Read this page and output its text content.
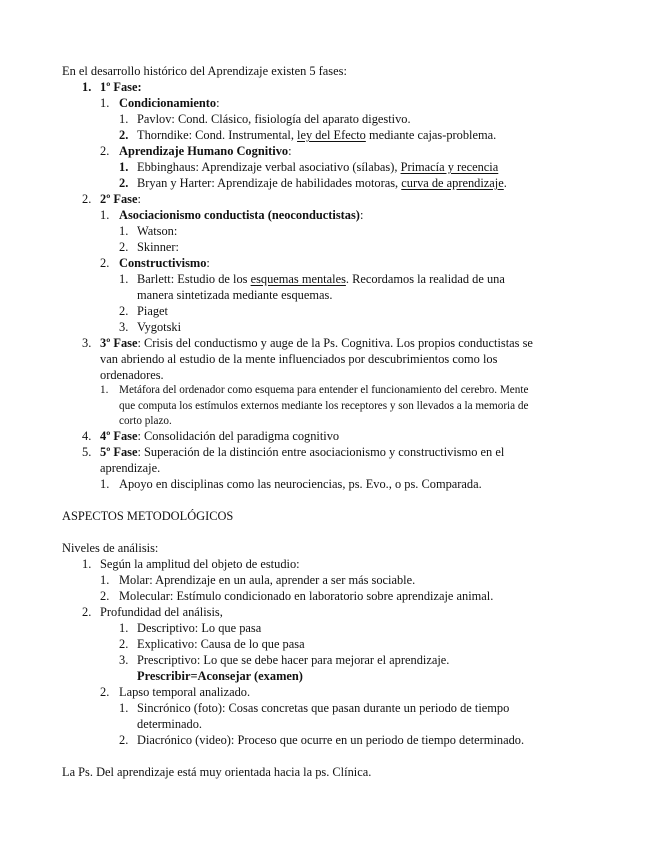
En el desarrollo histórico del Aprendizaje existen 5 fases:
1. 1º Fase:
1. Condicionamiento:
1. Pavlov: Cond. Clásico, fisiología del aparato digestivo.
2. Thorndike: Cond. Instrumental, ley del Efecto mediante cajas-problema.
2. Aprendizaje Humano Cognitivo:
1. Ebbinghaus: Aprendizaje verbal asociativo (sílabas), Primacía y recencia
2. Bryan y Harter: Aprendizaje de habilidades motoras, curva de aprendizaje.
2. 2º Fase:
1. Asociacionismo conductista (neoconductistas):
1. Watson:
2. Skinner:
2. Constructivismo:
1. Barlett: Estudio de los esquemas mentales. Recordamos la realidad de una
manera sintetizada mediante esquemas.
2. Piaget
3. Vygotski
3. 3º Fase: Crisis del conductismo y auge de la Ps. Cognitiva. Los propios conductistas se
van abriendo al estudio de la mente influenciados por descubrimientos como los
ordenadores.
1. Metáfora del ordenador como esquema para entender el funcionamiento del cerebro. Mente
que computa los estímulos externos mediante los receptores y son llevados a la memoria de
corto plazo.
4. 4º Fase: Consolidación del paradigma cognitivo
5. 5º Fase: Superación de la distinción entre asociacionismo y constructivismo en el
aprendizaje.
1. Apoyo en disciplinas como las neurociencias, ps. Evo., o ps. Comparada.
ASPECTOS METODOLÓGICOS
Niveles de análisis:
1. Según la amplitud del objeto de estudio:
1. Molar: Aprendizaje en un aula, aprender a ser más sociable.
2. Molecular: Estímulo condicionado en laboratorio sobre aprendizaje animal.
2. Profundidad del análisis,
1. Descriptivo: Lo que pasa
2. Explicativo: Causa de lo que pasa
3. Prescriptivo: Lo que se debe hacer para mejorar el aprendizaje.
Prescribir=Aconsejar (examen)
2. Lapso temporal analizado.
1. Sincrónico (foto): Cosas concretas que pasan durante un periodo de tiempo
determinado.
2. Diacrónico (video): Proceso que ocurre en un periodo de tiempo determinado.
La Ps. Del aprendizaje está muy orientada hacia la ps. Clínica.
